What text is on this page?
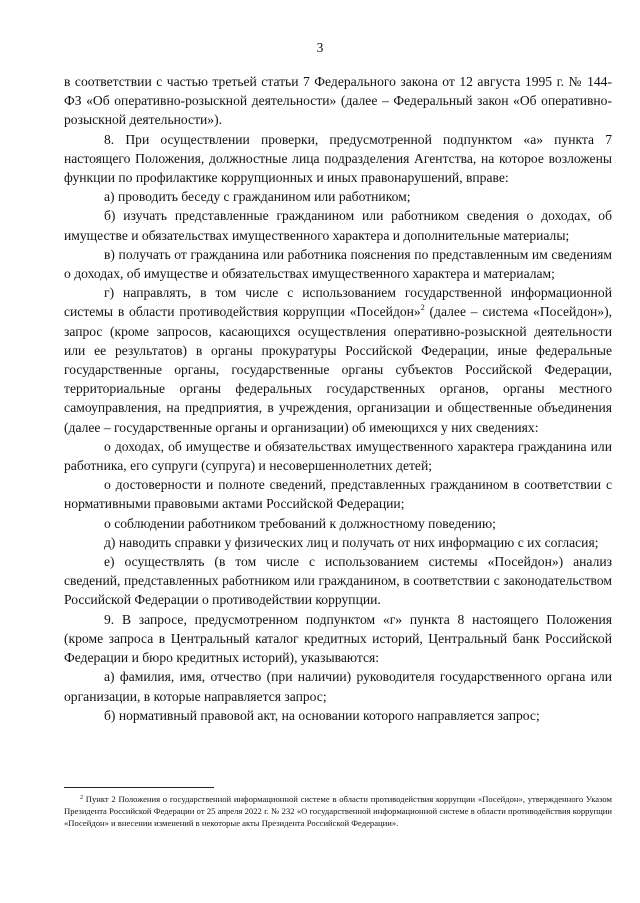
3

в соответствии с частью третьей статьи 7 Федерального закона от 12 августа 1995 г. № 144-ФЗ «Об оперативно-розыскной деятельности» (далее – Федеральный закон «Об оперативно-розыскной деятельности»).

8. При осуществлении проверки, предусмотренной подпунктом «а» пункта 7 настоящего Положения, должностные лица подразделения Агентства, на которое возложены функции по профилактике коррупционных и иных правонарушений, вправе:

а) проводить беседу с гражданином или работником;

б) изучать представленные гражданином или работником сведения о доходах, об имуществе и обязательствах имущественного характера и дополнительные материалы;

в) получать от гражданина или работника пояснения по представленным им сведениям о доходах, об имуществе и обязательствах имущественного характера и материалам;

г) направлять, в том числе с использованием государственной информационной системы в области противодействия коррупции «Посейдон»$^2$ (далее – система «Посейдон»), запрос (кроме запросов, касающихся осуществления оперативно-розыскной деятельности или ее результатов) в органы прокуратуры Российской Федерации, иные федеральные государственные органы, государственные органы субъектов Российской Федерации, территориальные органы федеральных государственных органов, органы местного самоуправления, на предприятия, в учреждения, организации и общественные объединения (далее – государственные органы и организации) об имеющихся у них сведениях:

о доходах, об имуществе и обязательствах имущественного характера гражданина или работника, его супруги (супруга) и несовершеннолетних детей;

о достоверности и полноте сведений, представленных гражданином в соответствии с нормативными правовыми актами Российской Федерации;

о соблюдении работником требований к должностному поведению;

д) наводить справки у физических лиц и получать от них информацию с их согласия;

е) осуществлять (в том числе с использованием системы «Посейдон») анализ сведений, представленных работником или гражданином, в соответствии с законодательством Российской Федерации о противодействии коррупции.

9. В запросе, предусмотренном подпунктом «г» пункта 8 настоящего Положения (кроме запроса в Центральный каталог кредитных историй, Центральный банк Российской Федерации и бюро кредитных историй), указываются:

а) фамилия, имя, отчество (при наличии) руководителя государственного органа или организации, в которые направляется запрос;

б) нормативный правовой акт, на основании которого направляется запрос;

$^2$ Пункт 2 Положения о государственной информационной системе в области противодействия коррупции «Посейдон», утвержденного Указом Президента Российской Федерации от 25 апреля 2022 г. № 232 «О государственной информационной системе в области противодействия коррупции «Посейдон» и внесении изменений в некоторые акты Президента Российской Федерации».
